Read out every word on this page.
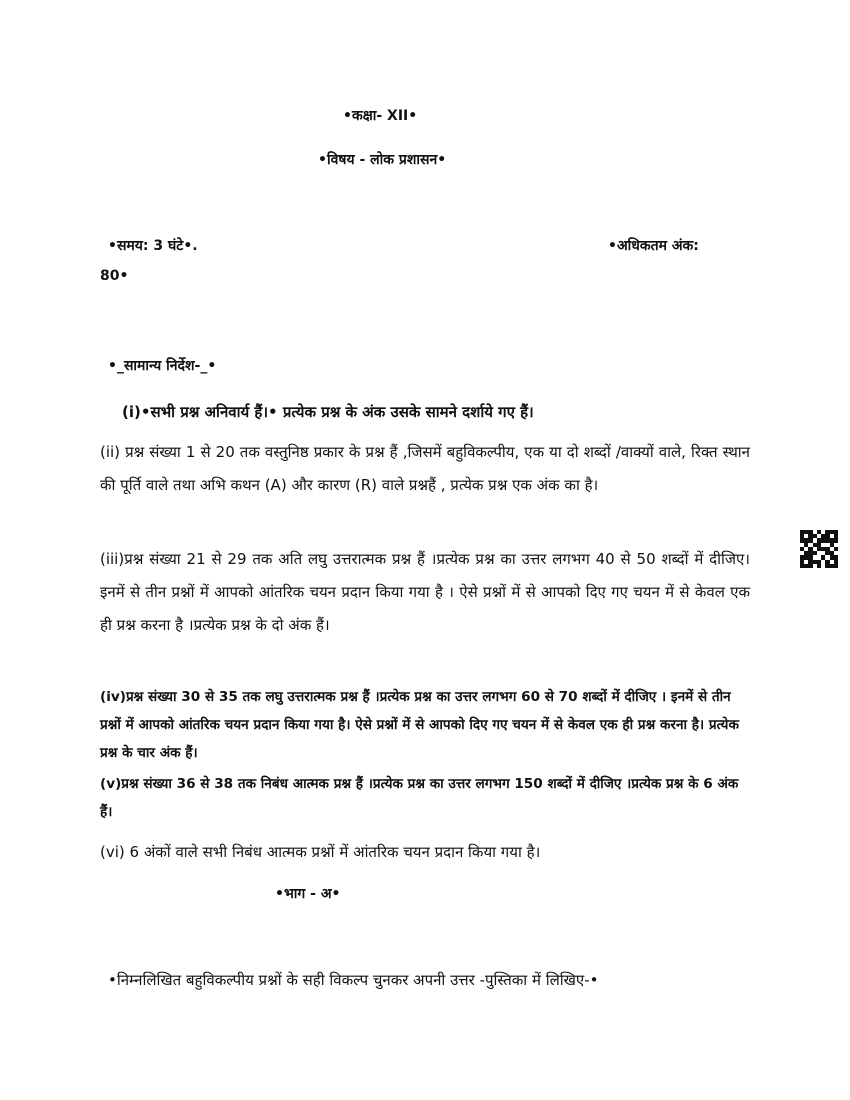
•कक्षा- XII•
•विषय - लोक प्रशासन•
•समय: 3 घंटे•.	•अधिकतम अंक:
80•
•_सामान्य निर्देश-_•
(i)•सभी प्रश्न अनिवार्य हैं।• प्रत्येक प्रश्न के अंक उसके सामने दर्शाये गए हैं।
(ii) प्रश्न संख्या 1 से 20 तक वस्तुनिष्ठ प्रकार के प्रश्न हैं ,जिसमें बहुविकल्पीय, एक या दो शब्दों /वाक्यों वाले, रिक्त स्थान की पूर्ति वाले तथा अभि कथन (A) और कारण (R) वाले प्रश्नहैं , प्रत्येक प्रश्न एक अंक का है।
(iii)प्रश्न संख्या 21 से 29 तक अति लघु उत्तरात्मक प्रश्न हैं ।प्रत्येक प्रश्न का उत्तर लगभग 40 से 50 शब्दों में दीजिए। इनमें से तीन प्रश्नों में आपको आंतरिक चयन प्रदान किया गया है । ऐसे प्रश्नों में से आपको दिए गए चयन में से केवल एक ही प्रश्न करना है ।प्रत्येक प्रश्न के दो अंक हैं।
(iv)प्रश्न संख्या 30 से 35 तक लघु उत्तरात्मक प्रश्न हैं ।प्रत्येक प्रश्न का उत्तर लगभग 60 से 70 शब्दों में दीजिए । इनमें से तीन प्रश्नों में आपको आंतरिक चयन प्रदान किया गया है। ऐसे प्रश्नों में से आपको दिए गए चयन में से केवल एक ही प्रश्न करना है। प्रत्येक प्रश्न के चार अंक हैं।
(v)प्रश्न संख्या 36 से 38 तक निबंध आत्मक प्रश्न हैं ।प्रत्येक प्रश्न का उत्तर लगभग 150 शब्दों में दीजिए ।प्रत्येक प्रश्न के 6 अंक हैं।
(vi) 6 अंकों वाले सभी निबंध आत्मक प्रश्नों में आंतरिक चयन प्रदान किया गया है।
•भाग - अ•
•निम्नलिखित बहुविकल्पीय प्रश्नों के सही विकल्प चुनकर अपनी उत्तर -पुस्तिका में लिखिए-•
